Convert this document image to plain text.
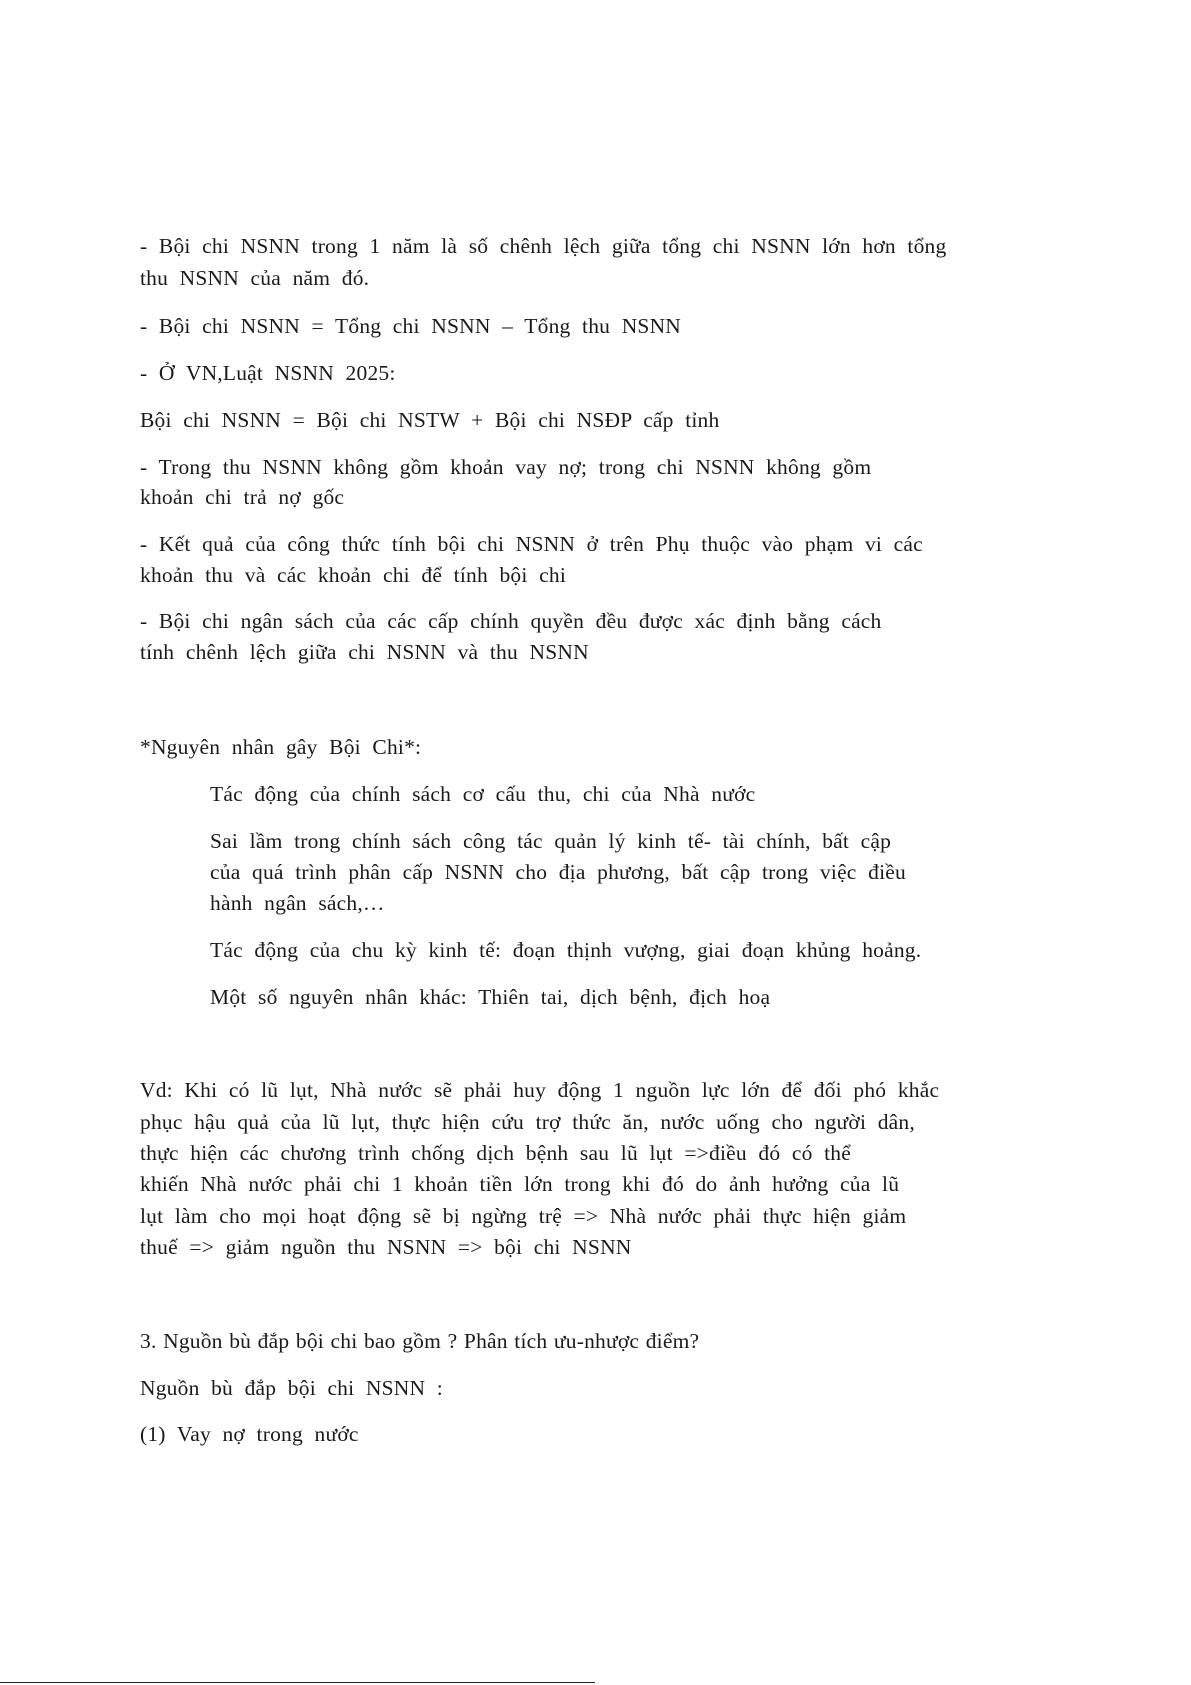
- Bội chi NSNN trong 1 năm là số chênh lệch giữa tổng chi NSNN lớn hơn tổng
thu NSNN của năm đó.
- Bội chi NSNN = Tổng chi NSNN – Tổng thu NSNN
- Ở VN,Luật NSNN 2025:
Bội chi NSNN = Bội chi NSTW + Bội chi NSĐP cấp tỉnh
- Trong thu NSNN không gồm khoản vay nợ; trong chi NSNN không gồm
khoản chi trả nợ gốc
- Kết quả của công thức tính bội chi NSNN ở trên Phụ thuộc vào phạm vi các
khoản thu và các khoản chi để tính bội chi
- Bội chi ngân sách của các cấp chính quyền đều được xác định bằng cách
tính chênh lệch giữa chi NSNN và thu NSNN
*Nguyên nhân gây Bội Chi*:
Tác động của chính sách cơ cấu thu, chi của Nhà nước
Sai lầm trong chính sách công tác quản lý kinh tế- tài chính, bất cập
của quá trình phân cấp NSNN cho địa phương, bất cập trong việc điều
hành ngân sách,…
Tác động của chu kỳ kinh tế: đoạn thịnh vượng, giai đoạn khủng hoảng.
Một số nguyên nhân khác: Thiên tai, dịch bệnh, địch hoạ
Vd: Khi có lũ lụt, Nhà nước sẽ phải huy động 1 nguồn lực lớn để đối phó khắc
phục hậu quả của lũ lụt, thực hiện cứu trợ thức ăn, nước uống cho người dân,
thực hiện các chương trình chống dịch bệnh sau lũ lụt =>điều đó có thể
khiến Nhà nước phải chi 1 khoản tiền lớn trong khi đó do ảnh hưởng của lũ
lụt làm cho mọi hoạt động sẽ bị ngừng trệ => Nhà nước phải thực hiện giảm
thuế => giảm nguồn thu NSNN => bội chi NSNN
3. Nguồn bù đắp bội chi bao gồm ? Phân tích ưu-nhược điểm?
Nguồn bù đắp bội chi NSNN :
(1) Vay nợ trong nước
